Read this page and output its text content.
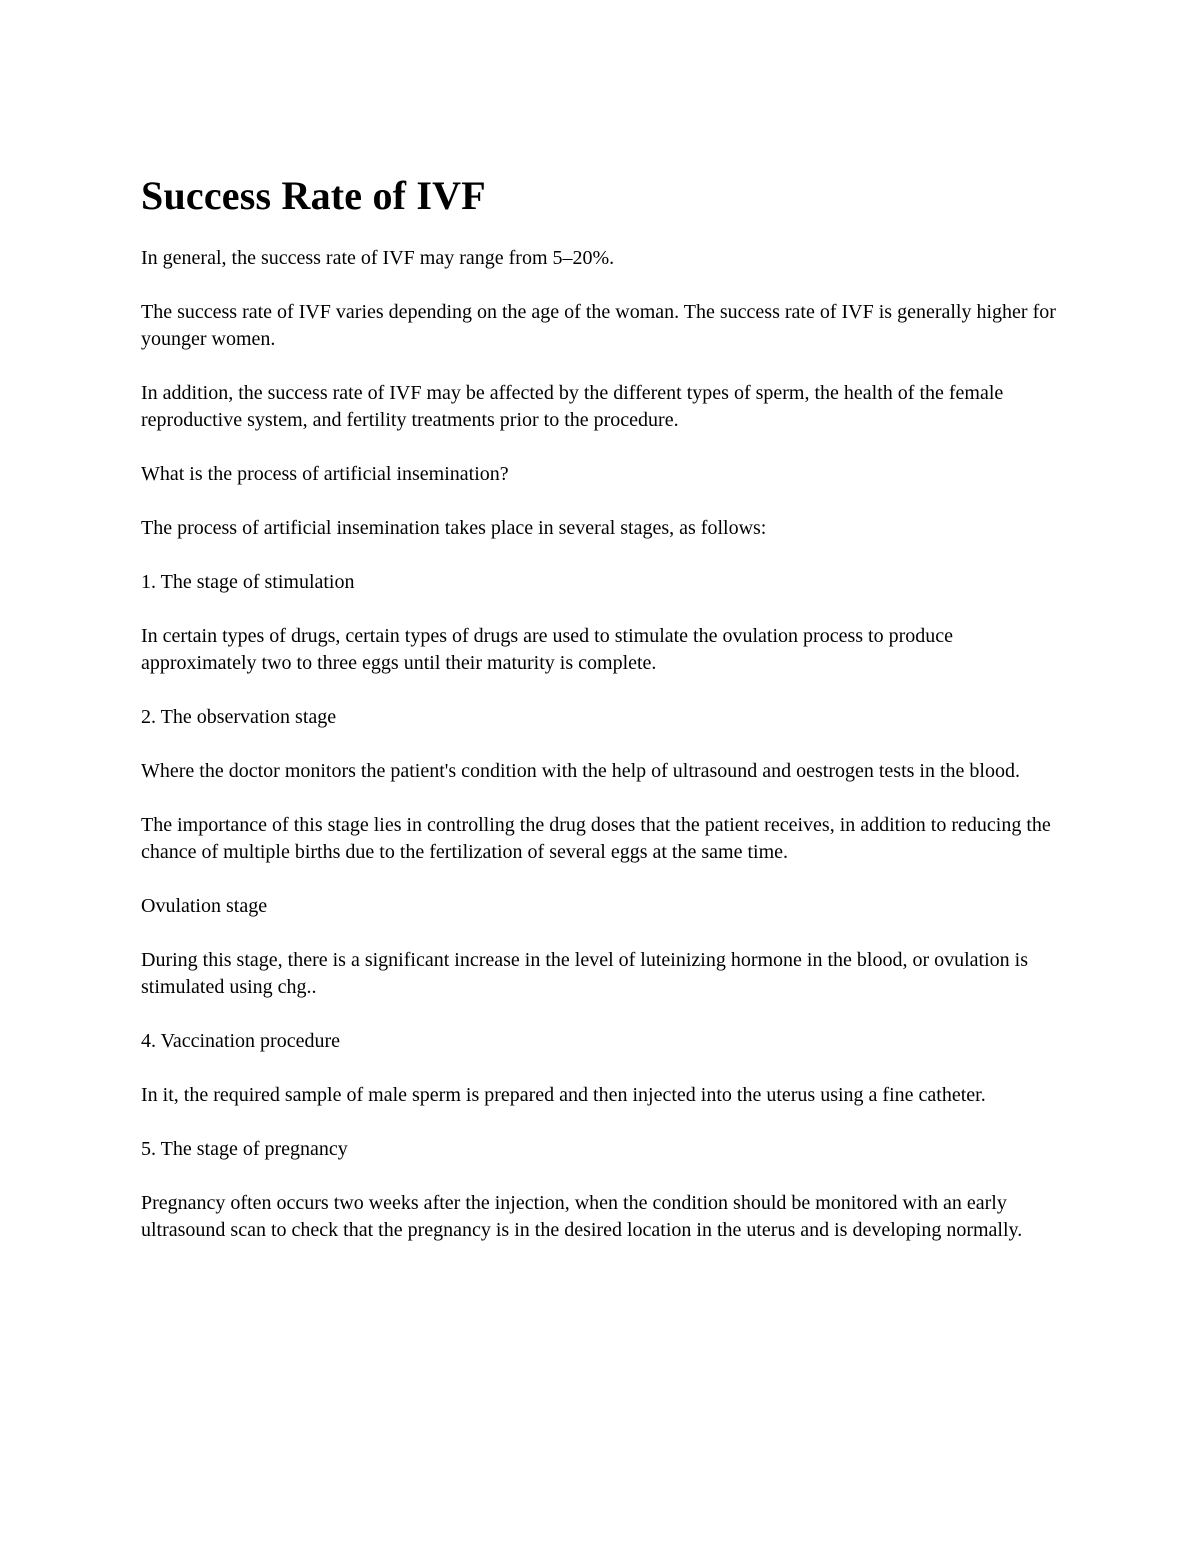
Success Rate of IVF

In general, the success rate of IVF may range from 5–20%.

The success rate of IVF varies depending on the age of the woman. The success rate of IVF is generally higher for younger women.

In addition, the success rate of IVF may be affected by the different types of sperm, the health of the female reproductive system, and fertility treatments prior to the procedure.

What is the process of artificial insemination?

The process of artificial insemination takes place in several stages, as follows:

1. The stage of stimulation

In certain types of drugs, certain types of drugs are used to stimulate the ovulation process to produce approximately two to three eggs until their maturity is complete.

2. The observation stage

Where the doctor monitors the patient's condition with the help of ultrasound and oestrogen tests in the blood.

The importance of this stage lies in controlling the drug doses that the patient receives, in addition to reducing the chance of multiple births due to the fertilization of several eggs at the same time.

Ovulation stage

During this stage, there is a significant increase in the level of luteinizing hormone in the blood, or ovulation is stimulated using chg..

4. Vaccination procedure

In it, the required sample of male sperm is prepared and then injected into the uterus using a fine catheter.

5. The stage of pregnancy

Pregnancy often occurs two weeks after the injection, when the condition should be monitored with an early ultrasound scan to check that the pregnancy is in the desired location in the uterus and is developing normally.
